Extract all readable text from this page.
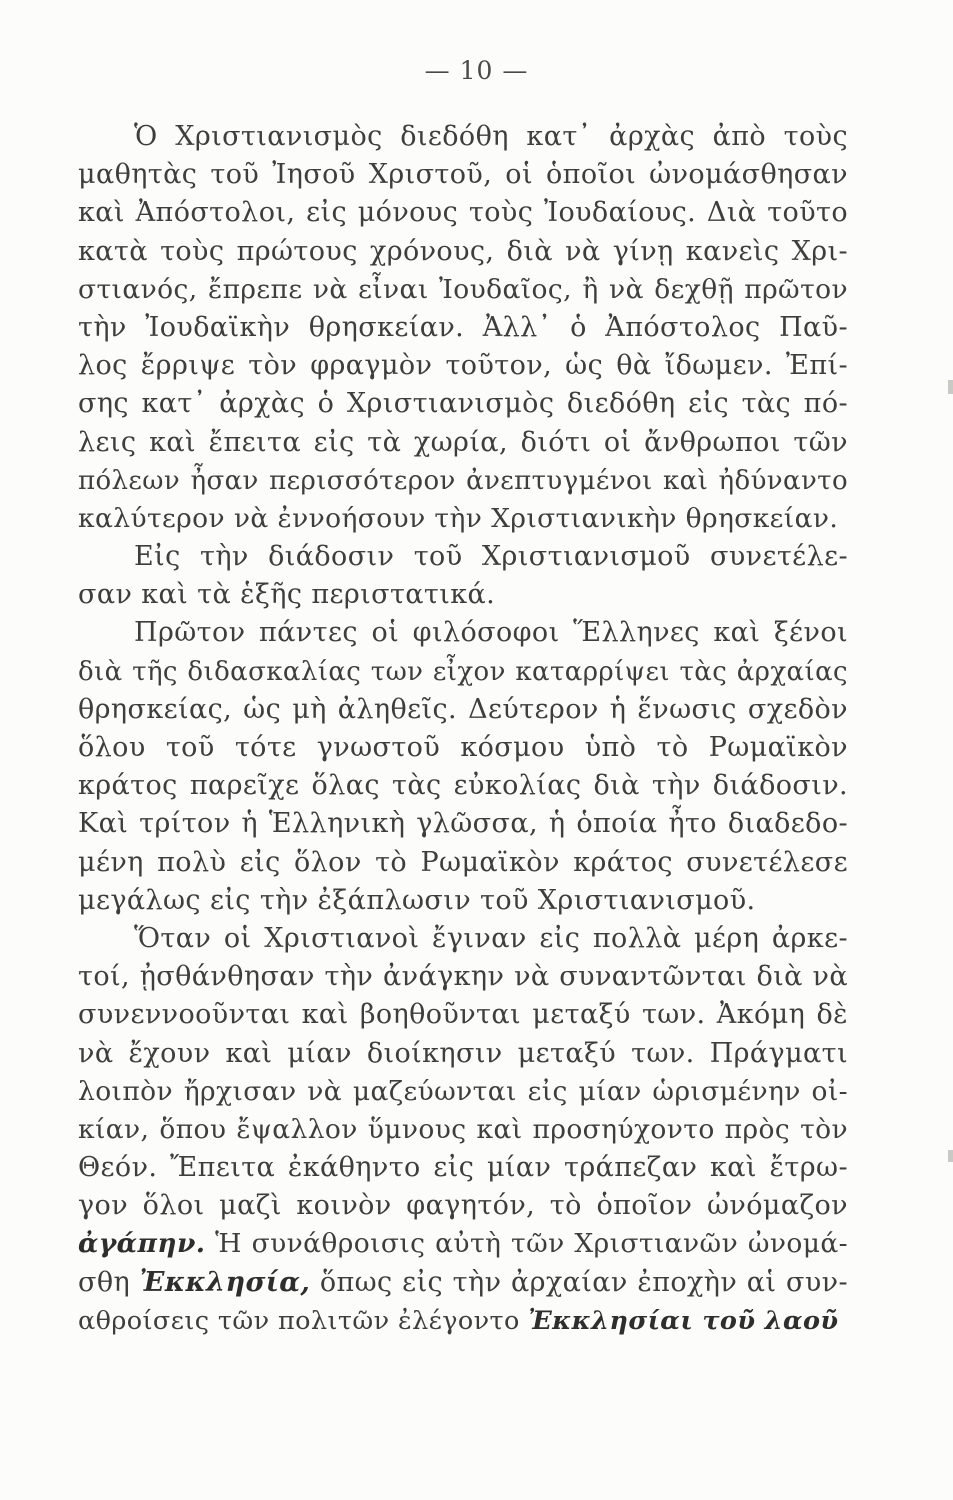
— 10 —
Ὁ Χριστιανισμὸς διεδόθη κατ᾽ ἀρχὰς ἀπὸ τοὺς
μαθητὰς τοῦ Ἰησοῦ Χριστοῦ, οἱ ὁποῖοι ὠνομάσθησαν
καὶ Ἀπόστολοι, εἰς μόνους τοὺς Ἰουδαίους. Διὰ τοῦτο
κατὰ τοὺς πρώτους χρόνους, διὰ νὰ γίνῃ κανεὶς Χρι-
στιανός, ἔπρεπε νὰ εἶναι Ἰουδαῖος, ἢ νὰ δεχθῇ πρῶτον
τὴν Ἰουδαϊκὴν θρησκείαν. Ἀλλ᾽ ὁ Ἀπόστολος Παῦ-
λος ἔρριψε τὸν φραγμὸν τοῦτον, ὡς θὰ ἴδωμεν. Ἐπί-
σης κατ᾽ ἀρχὰς ὁ Χριστιανισμὸς διεδόθη εἰς τὰς πό-
λεις καὶ ἔπειτα εἰς τὰ χωρία, διότι οἱ ἄνθρωποι τῶν
πόλεων ἦσαν περισσότερον ἀνεπτυγμένοι καὶ ἠδύναντο
καλύτερον νὰ ἐννοήσουν τὴν Χριστιανικὴν θρησκείαν.
Εἰς τὴν διάδοσιν τοῦ Χριστιανισμοῦ συνετέλε-
σαν καὶ τὰ ἑξῆς περιστατικά.
Πρῶτον πάντες οἱ φιλόσοφοι Ἕλληνες καὶ ξένοι
διὰ τῆς διδασκαλίας των εἶχον καταρρίψει τὰς ἀρχαίας
θρησκείας, ὡς μὴ ἀληθεῖς. Δεύτερον ἡ ἕνωσις σχεδὸν
ὅλου τοῦ τότε γνωστοῦ κόσμου ὑπὸ τὸ Ρωμαϊκὸν
κράτος παρεῖχε ὅλας τὰς εὐκολίας διὰ τὴν διάδοσιν.
Καὶ τρίτον ἡ Ἑλληνικὴ γλῶσσα, ἡ ὁποία ἦτο διαδεδο-
μένη πολὺ εἰς ὅλον τὸ Ρωμαϊκὸν κράτος συνετέλεσε
μεγάλως εἰς τὴν ἐξάπλωσιν τοῦ Χριστιανισμοῦ.
Ὅταν οἱ Χριστιανοὶ ἔγιναν εἰς πολλὰ μέρη ἀρκε-
τοί, ᾐσθάνθησαν τὴν ἀνάγκην νὰ συναντῶνται διὰ νὰ
συνεννοοῦνται καὶ βοηθοῦνται μεταξύ των. Ἀκόμη δὲ
νὰ ἔχουν καὶ μίαν διοίκησιν μεταξύ των. Πράγματι
λοιπὸν ἤρχισαν νὰ μαζεύωνται εἰς μίαν ὡρισμένην οἰ-
κίαν, ὅπου ἔψαλλον ὕμνους καὶ προσηύχοντο πρὸς τὸν
Θεόν. Ἔπειτα ἐκάθηντο εἰς μίαν τράπεζαν καὶ ἔτρω-
γον ὅλοι μαζὶ κοινὸν φαγητόν, τὸ ὁποῖον ὠνόμαζον
ἀγάπην. Ἡ συνάθροισις αὐτὴ τῶν Χριστιανῶν ὠνομά-
σθη Ἐκκλησία, ὅπως εἰς τὴν ἀρχαίαν ἐποχὴν αἱ συν-
αθροίσεις τῶν πολιτῶν ἐλέγοντο Ἐκκλησίαι τοῦ λαοῦ
